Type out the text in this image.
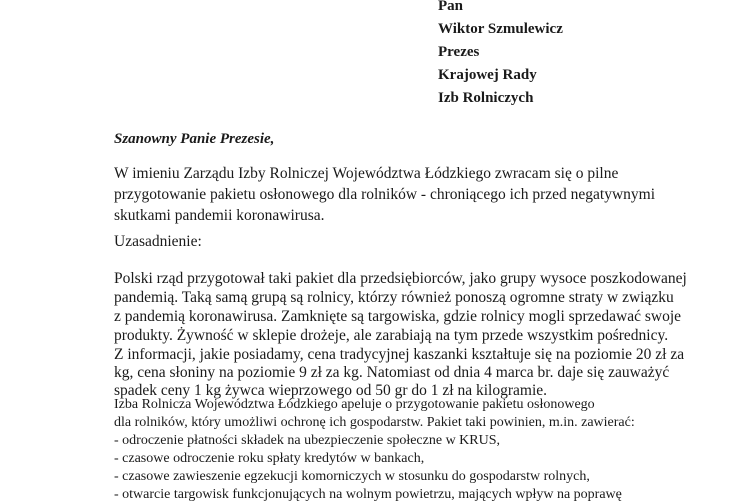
Pan
Wiktor Szmulewicz
Prezes
Krajowej Rady
Izb Rolniczych
Szanowny Panie Prezesie,
W imieniu Zarządu Izby Rolniczej Województwa Łódzkiego zwracam się o pilne
przygotowanie pakietu osłonowego dla rolników - chroniącego ich przed negatywnymi
skutkami pandemii koronawirusa.
Uzasadnienie:
Polski rząd przygotował taki pakiet dla przedsiębiorców, jako grupy wysoce poszkodowanej
pandemią. Taką samą grupą są rolnicy, którzy również ponoszą ogromne straty w związku
z pandemią koronawirusa. Zamknięte są targowiska, gdzie rolnicy mogli sprzedawać swoje
produkty. Żywność w sklepie drożeje, ale zarabiają na tym przede wszystkim pośrednicy.
Z informacji, jakie posiadamy, cena tradycyjnej kaszanki kształtuje się na poziomie 20 zł za
kg, cena słoniny na poziomie 9 zł za kg. Natomiast od dnia 4 marca br. daje się zauważyć
spadek ceny 1 kg żywca wieprzowego od 50 gr do 1 zł na kilogramie.
Izba Rolnicza Województwa Łódzkiego apeluje o przygotowanie pakietu osłonowego
dla rolników, który umożliwi ochronę ich gospodarstw. Pakiet taki powinien, m.in. zawierać:
- odroczenie płatności składek na ubezpieczenie społeczne w KRUS,
- czasowe odroczenie roku spłaty kredytów w bankach,
- czasowe zawieszenie egzekucji komorniczych w stosunku do gospodarstw rolnych,
- otwarcie targowisk funkcjonujących na wolnym powietrzu, mających wpływ na poprawę
